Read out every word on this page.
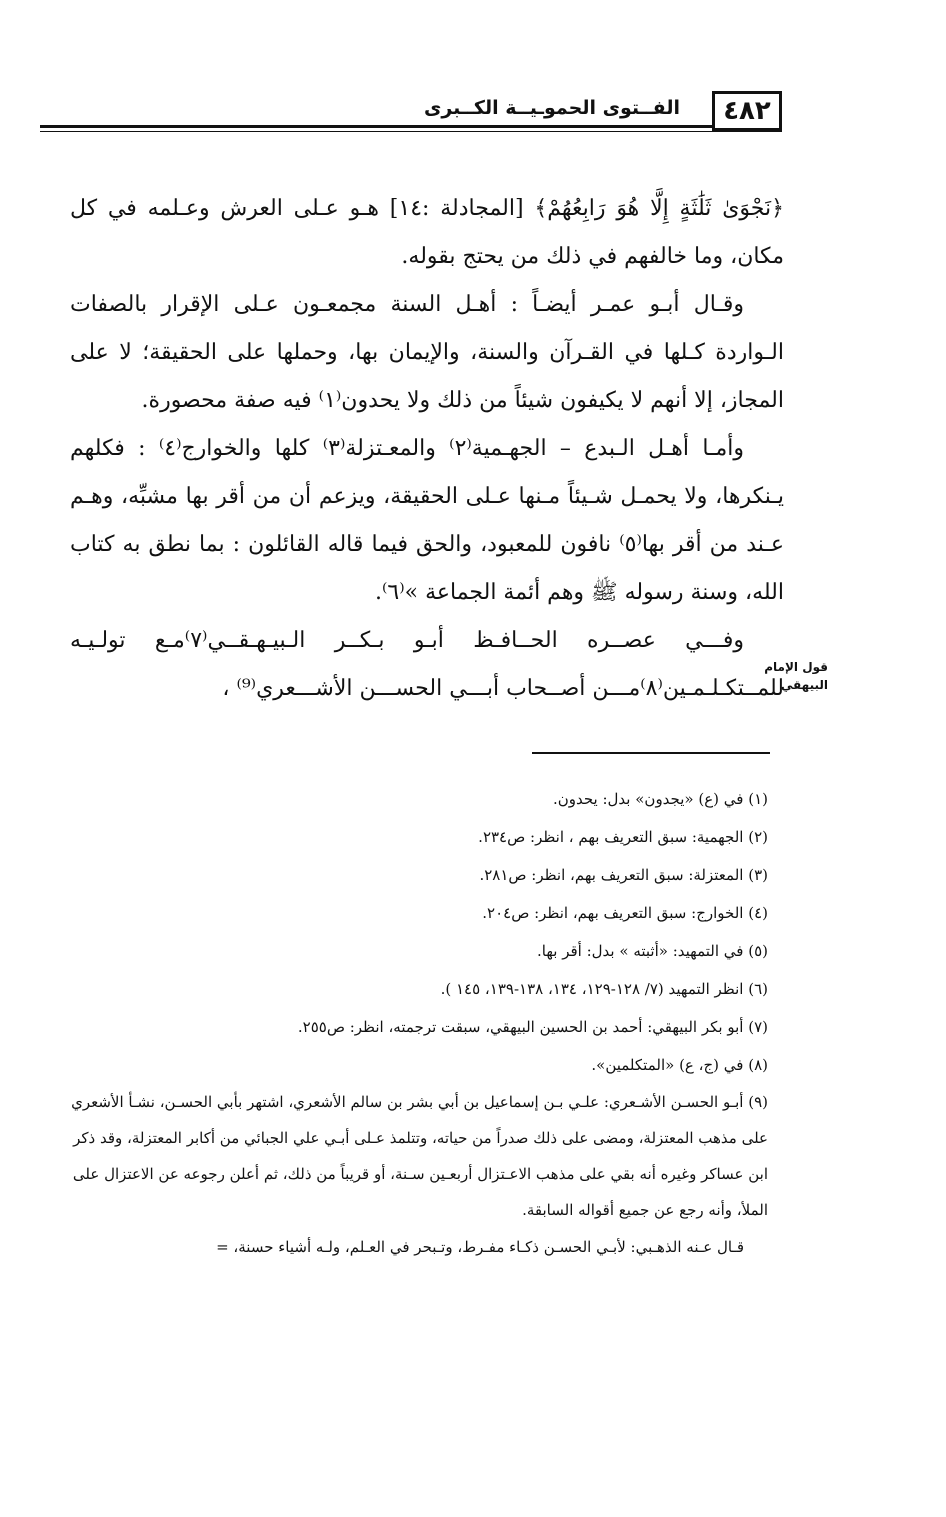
الفــتوى الحموـيــة الكــبرى	٤٨٢

﴿نَجْوَىٰ ثَلَٰثَةٍ إِلَّا هُوَ رَابِعُهُمْ﴾ [المجادلة :١٤] هـو عـلى العرش وعـلمه في كل مكان، وما خالفهم في ذلك من يحتج بقوله.

وقـال أبـو عمـر أيضـاً : أهـل السنة مجمعـون عـلى الإقرار بالصفات الـواردة كـلها في القـرآن والسنة، والإيمان بها، وحملها على الحقيقة؛ لا على المجاز، إلا أنهم لا يكيفون شيئاً من ذلك ولا يحدون⁽١⁾ فيه صفة محصورة.

وأمـا أهـل الـبدع – الجهـمية⁽٢⁾ والمعـتزلة⁽٣⁾ كلها والخوارج⁽٤⁾ : فكلهم يـنكرها، ولا يحمـل شـيئاً مـنها عـلى الحقيقة، ويزعم أن من أقر بها مشبِّه، وهـم عـند من أقر بها⁽٥⁾ نافون للمعبود، والحق فيما قاله القائلون : بما نطق به كتاب الله، وسنة رسوله ﷺ وهم أئمة الجماعة »⁽٦⁾.

وفـــي عصــره الحــافـظ أبـو بـكــر الـبيـهـقــي⁽٧⁾مـع تولـيـه للمــتكـلـمـين⁽٨⁾مـــن أصــحاب أبـــي الحســـن الأشـــعري⁽⁹⁾ ،

قول الإمام البيهقي

(١) في (ع) «يجدون» بدل: يحدون.

(٢) الجهمية: سبق التعريف بهم ، انظر: ص٢٣٤.

(٣) المعتزلة: سبق التعريف بهم، انظر: ص٢٨١.

(٤) الخوارج: سبق التعريف بهم، انظر: ص٢٠٤.

(٥) في التمهيد: «أثبته » بدل: أقر بها.

(٦) انظر التمهيد (٧/ ١٢٨-١٢٩، ١٣٤، ١٣٨-١٣٩، ١٤٥ ).

(٧) أبو بكر البيهقي: أحمد بن الحسين البيهقي، سبقت ترجمته، انظر: ص٢٥٥.

(٨) في (ج، ع) «المتكلمين».

(٩) أبـو الحسـن الأشـعري: علـي بـن إسماعيل بن أبي بشر بن سالم الأشعري، اشتهر بأبي الحسـن، نشـأ الأشعري على مذهب المعتزلة، ومضى على ذلك صدراً من حياته، وتتلمذ عـلى أبـي علي الجبائي من أكابر المعتزلة، وقد ذكر ابن عساكر وغيره أنه بقي على مذهب الاعـتزال أربعـين سـنة، أو قريباً من ذلك، ثم أعلن رجوعه عن الاعتزال على الملأ، وأنه رجع عن جميع أقواله السابقة.

قـال عـنه الذهـبي: لأبـي الحسـن ذكـاء مفـرط، وتـبحر في العـلم، ولـه أشياء حسنة، =
